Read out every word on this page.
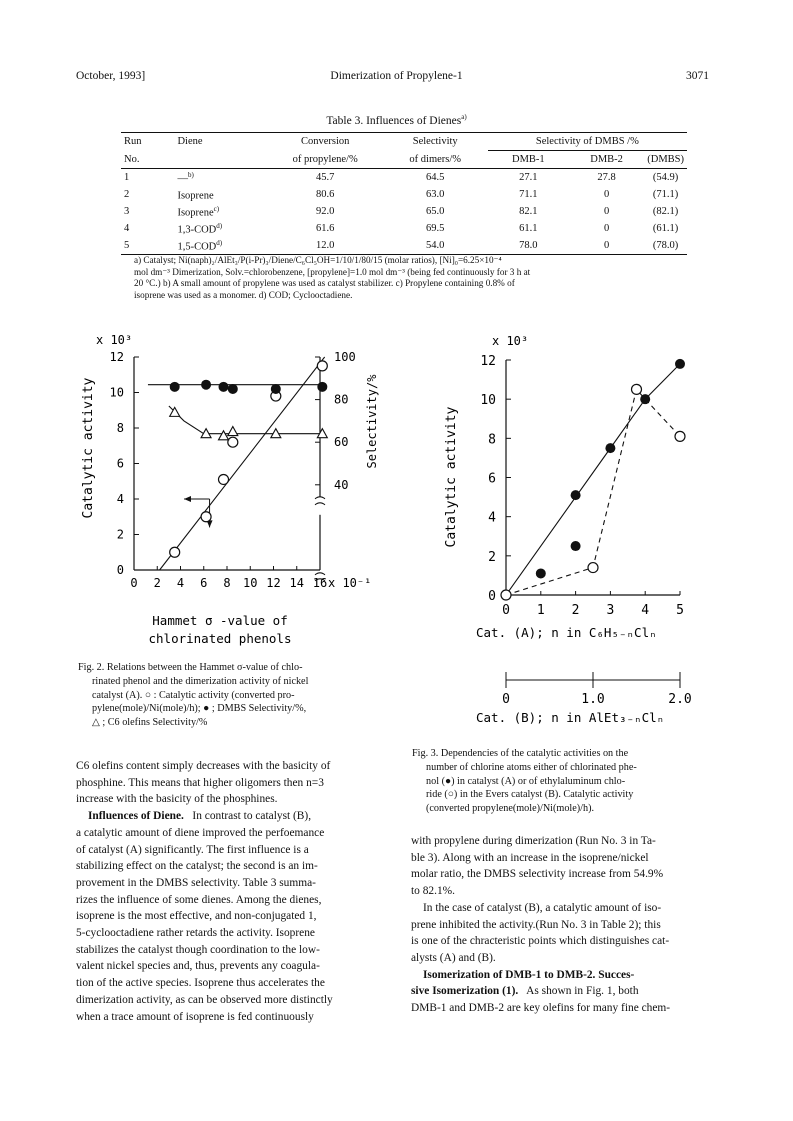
October, 1993]	Dimerization of Propylene-1	3071
Table 3. Influences of Dienes$^{a)}$
Run	Diene	Conversion	Selectivity	Selectivity of DMBS /%		
No.		of propylene/%	of dimers/%	DMB-1	DMB-2	(DMBS)
1	—$^{b)}$	45.7	64.5	27.1	27.8	(54.9)
2	Isoprene	80.6	63.0	71.1	0	(71.1)
3	Isoprene$^{c)}$	92.0	65.0	82.1	0	(82.1)
4	1,3-COD$^{d)}$	61.6	69.5	61.1	0	(61.1)
5	1,5-COD$^{d)}$	12.0	54.0	78.0	0	(78.0)
a) Catalyst; Ni(naph)₂/AlEt₃/P(i-Pr)₃/Diene/C₆Cl₅OH=1/10/1/80/15 (molar ratios), [Ni]₀=6.25×10⁻⁴
mol dm⁻³ Dimerization, Solv.=chlorobenzene, [propylene]=1.0 mol dm⁻³ (being fed continuously for 3 h at
20 °C.) b) A small amount of propylene was used as catalyst stabilizer. c) Propylene containing 0.8% of
isoprene was used as a monomer. d) COD; Cyclooctadiene.
0
2
4
6
8
10
12
0 2 4 6 8 10 12 14 16
40
60
80
100
x 10⁻¹
x 10³
Catalytic activity	Selectivity/%
Hammet σ -value of
chlorinated phenols
0
2
4
6
8
10
12
0 1 2 3 4 5
x 10³
Catalytic activity
Cat. (A); n in C₆H₅₋ₙClₙ
0	1.0	2.0
Cat. (B); n in AlEt₃₋ₙClₙ
Fig. 2. Relations between the Hammet σ-value of chlo-
rinated phenol and the dimerization activity of nickel
catalyst (A). ○ : Catalytic activity (converted pro-
pylene(mole)/Ni(mole)/h); ● ; DMBS Selectivity/%,
△ ; C6 olefins Selectivity/%
Fig. 3. Dependencies of the catalytic activities on the
number of chlorine atoms either of chlorinated phe-
nol (●) in catalyst (A) or of ethylaluminum chlo-
ride (○) in the Evers catalyst (B). Catalytic activity
(converted propylene(mole)/Ni(mole)/h).
C6 olefins content simply decreases with the basicity of
phosphine. This means that higher oligomers then n=3
increase with the basicity of the phosphines.
Influences of Diene. In contrast to catalyst (B),
a catalytic amount of diene improved the perfoemance
of catalyst (A) significantly. The first influence is a
stabilizing effect on the catalyst; the second is an im-
provement in the DMBS selectivity. Table 3 summa-
rizes the influence of some dienes. Among the dienes,
isoprene is the most effective, and non-conjugated 1,
5-cyclooctadiene rather retards the activity. Isoprene
stabilizes the catalyst though coordination to the low-
valent nickel species and, thus, prevents any coagula-
tion of the active species. Isoprene thus accelerates the
dimerization activity, as can be observed more distinctly
when a trace amount of isoprene is fed continuously
with propylene during dimerization (Run No. 3 in Ta-
ble 3). Along with an increase in the isoprene/nickel
molar ratio, the DMBS selectivity increase from 54.9%
to 82.1%.
In the case of catalyst (B), a catalytic amount of iso-
prene inhibited the activity.(Run No. 3 in Table 2); this
is one of the chracteristic points which distinguishes cat-
alysts (A) and (B).
Isomerization of DMB-1 to DMB-2. Succes-
sive Isomerization (1). As shown in Fig. 1, both
DMB-1 and DMB-2 are key olefins for many fine chem-
